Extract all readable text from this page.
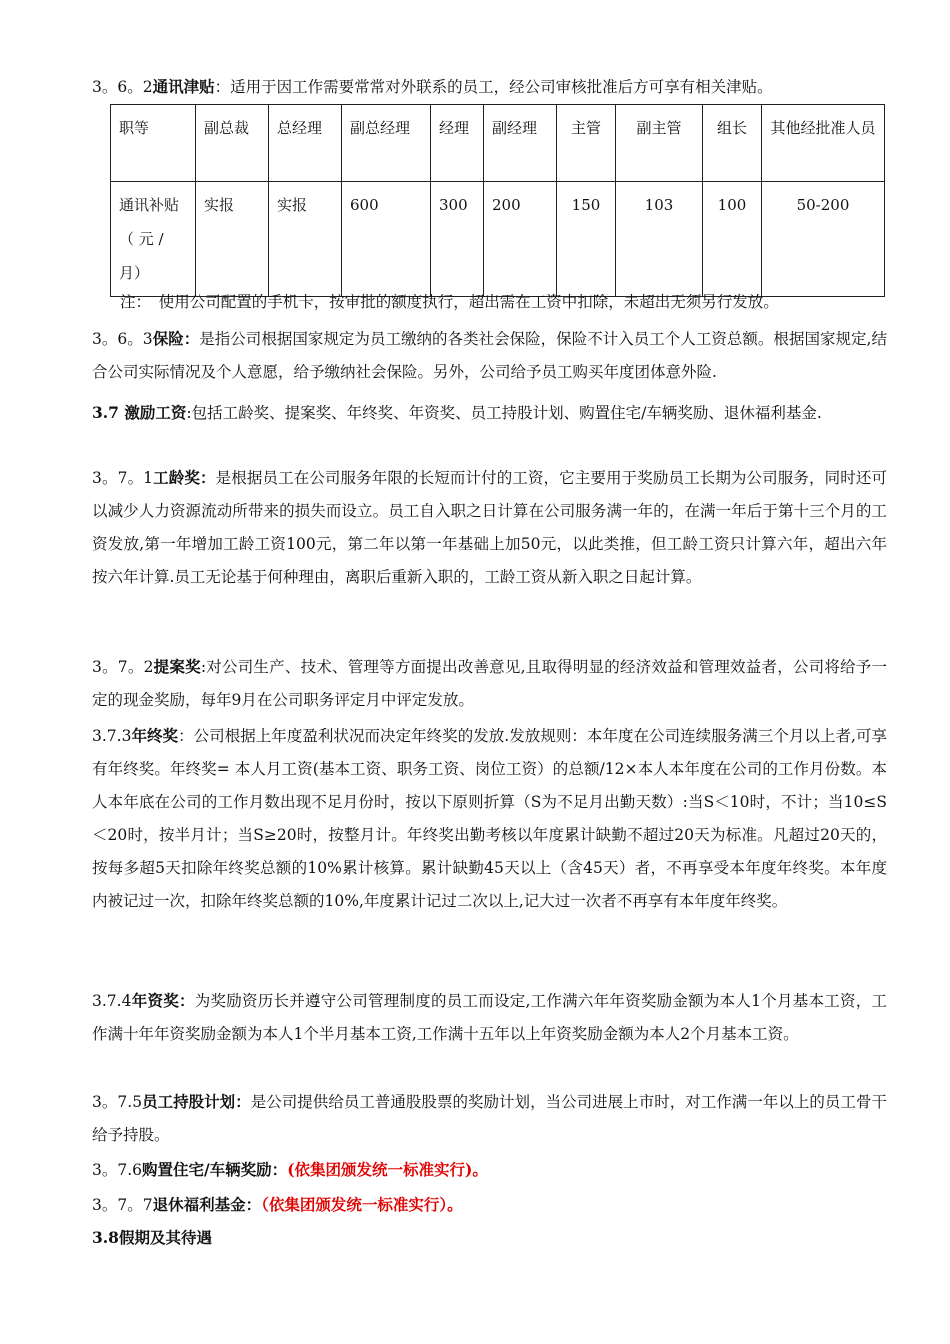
3。6。2通讯津贴：适用于因工作需要常常对外联系的员工，经公司审核批准后方可享有相关津贴。

职等	副总裁	总经理	副总经理	经理	副经理	主管	副主管	组长	其他经批准人员
通讯补贴（ 元 / 月）	实报	实报	600	300	200	150	103	100	50-200
注：　使用公司配置的手机卡，按审批的额度执行，超出需在工资中扣除，未超出无须另行发放。

3。6。3保险：是指公司根据国家规定为员工缴纳的各类社会保险，保险不计入员工个人工资总额。根据国家规定,结合公司实际情况及个人意愿，给予缴纳社会保险。另外，公司给予员工购买年度团体意外险.

3.7 激励工资:包括工龄奖、提案奖、年终奖、年资奖、员工持股计划、购置住宅/车辆奖励、退休福利基金.

3。7。1工龄奖：是根据员工在公司服务年限的长短而计付的工资，它主要用于奖励员工长期为公司服务，同时还可以减少人力资源流动所带来的损失而设立。员工自入职之日计算在公司服务满一年的，在满一年后于第十三个月的工资发放,第一年增加工龄工资100元，第二年以第一年基础上加50元，以此类推，但工龄工资只计算六年，超出六年按六年计算.员工无论基于何种理由，离职后重新入职的，工龄工资从新入职之日起计算。

3。7。2提案奖:对公司生产、技术、管理等方面提出改善意见,且取得明显的经济效益和管理效益者，公司将给予一定的现金奖励，每年9月在公司职务评定月中评定发放。

3.7.3年终奖：公司根据上年度盈利状况而决定年终奖的发放.发放规则：本年度在公司连续服务满三个月以上者,可享有年终奖。年终奖= 本人月工资(基本工资、职务工资、岗位工资）的总额/12×本人本年度在公司的工作月份数。本人本年底在公司的工作月数出现不足月份时，按以下原则折算（S为不足月出勤天数）:当S＜10时，不计；当10≤S＜20时，按半月计；当S≥20时，按整月计。年终奖出勤考核以年度累计缺勤不超过20天为标准。凡超过20天的，按每多超5天扣除年终奖总额的10%累计核算。累计缺勤45天以上（含45天）者，不再享受本年度年终奖。本年度内被记过一次，扣除年终奖总额的10%,年度累计记过二次以上,记大过一次者不再享有本年度年终奖。

3.7.4年资奖：为奖励资历长并遵守公司管理制度的员工而设定,工作满六年年资奖励金额为本人1个月基本工资，工作满十年年资奖励金额为本人1个半月基本工资,工作满十五年以上年资奖励金额为本人2个月基本工资。

3。7.5员工持股计划：是公司提供给员工普通股股票的奖励计划，当公司进展上市时，对工作满一年以上的员工骨干给予持股。

3。7.6购置住宅/车辆奖励：(依集团颁发统一标准实行)。

3。7。7退休福利基金：（依集团颁发统一标准实行）。

3.8假期及其待遇
